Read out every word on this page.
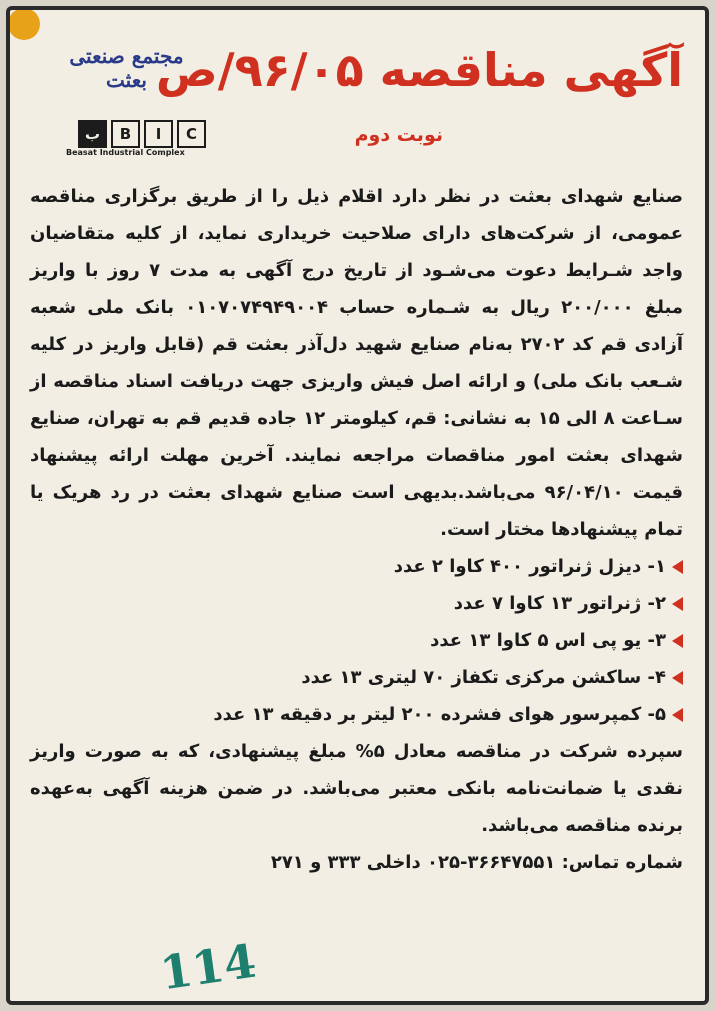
آگهی مناقصه ۹۶/۰۵/ص
نوبت دوم
مجتمع صنعتی
بعثت
ب	B	I	C
Beasat Industrial Complex

صنایع شهدای بعثت در نظر دارد اقلام ذیل را از طریق برگزاری مناقصه عمومی، از شرکت‌های دارای صلاحیت خریداری نماید، از کلیه متقاضیان واجد شـرایط دعوت می‌شـود از تاریخ درج آگهی به مدت ۷ روز با واریز مبلغ ۲۰۰/۰۰۰ ریال به شـماره حساب ۰۱۰۷۰۷۴۹۴۹۰۰۴ بانک ملی شعبه آزادی قم کد ۲۷۰۲ به‌نام صنایع شهید دل‌آذر بعثت قم (قابل واریز در کلیه شـعب بانک ملی) و ارائه اصل فیش واریزی جهت دریافت اسناد مناقصه از سـاعت ۸ الی ۱۵ به نشانی: قم، کیلومتر ۱۲ جاده قدیم قم به تهران، صنایع شهدای بعثت امور مناقصات مراجعه نمایند. آخرین مهلت ارائه پیشنهاد قیمت ۹۶/۰۴/۱۰ می‌باشد.بدیهی است صنایع شهدای بعثت در رد هریک یا تمام پیشنهادها مختار است.

۱- دیزل ژنراتور ۴۰۰ کاوا ۲ عدد
۲- ژنراتور ۱۳ کاوا ۷ عدد
۳- یو پی اس ۵ کاوا ۱۳ عدد
۴- ساکشن مرکزی تکفاز ۷۰ لیتری ۱۳ عدد
۵- کمپرسور هوای فشرده ۲۰۰ لیتر بر دقیقه ۱۳ عدد

سپرده شرکت در مناقصه معادل ۵% مبلغ پیشنهادی، که به صورت واریز نقدی یا ضمانت‌نامه بانکی معتبر می‌باشد. در ضمن هزینه آگهی به‌عهده برنده مناقصه می‌باشد.

شماره تماس: ۳۶۶۴۷۵۵۱-۰۲۵ داخلی ۳۳۳ و ۲۷۱

114
